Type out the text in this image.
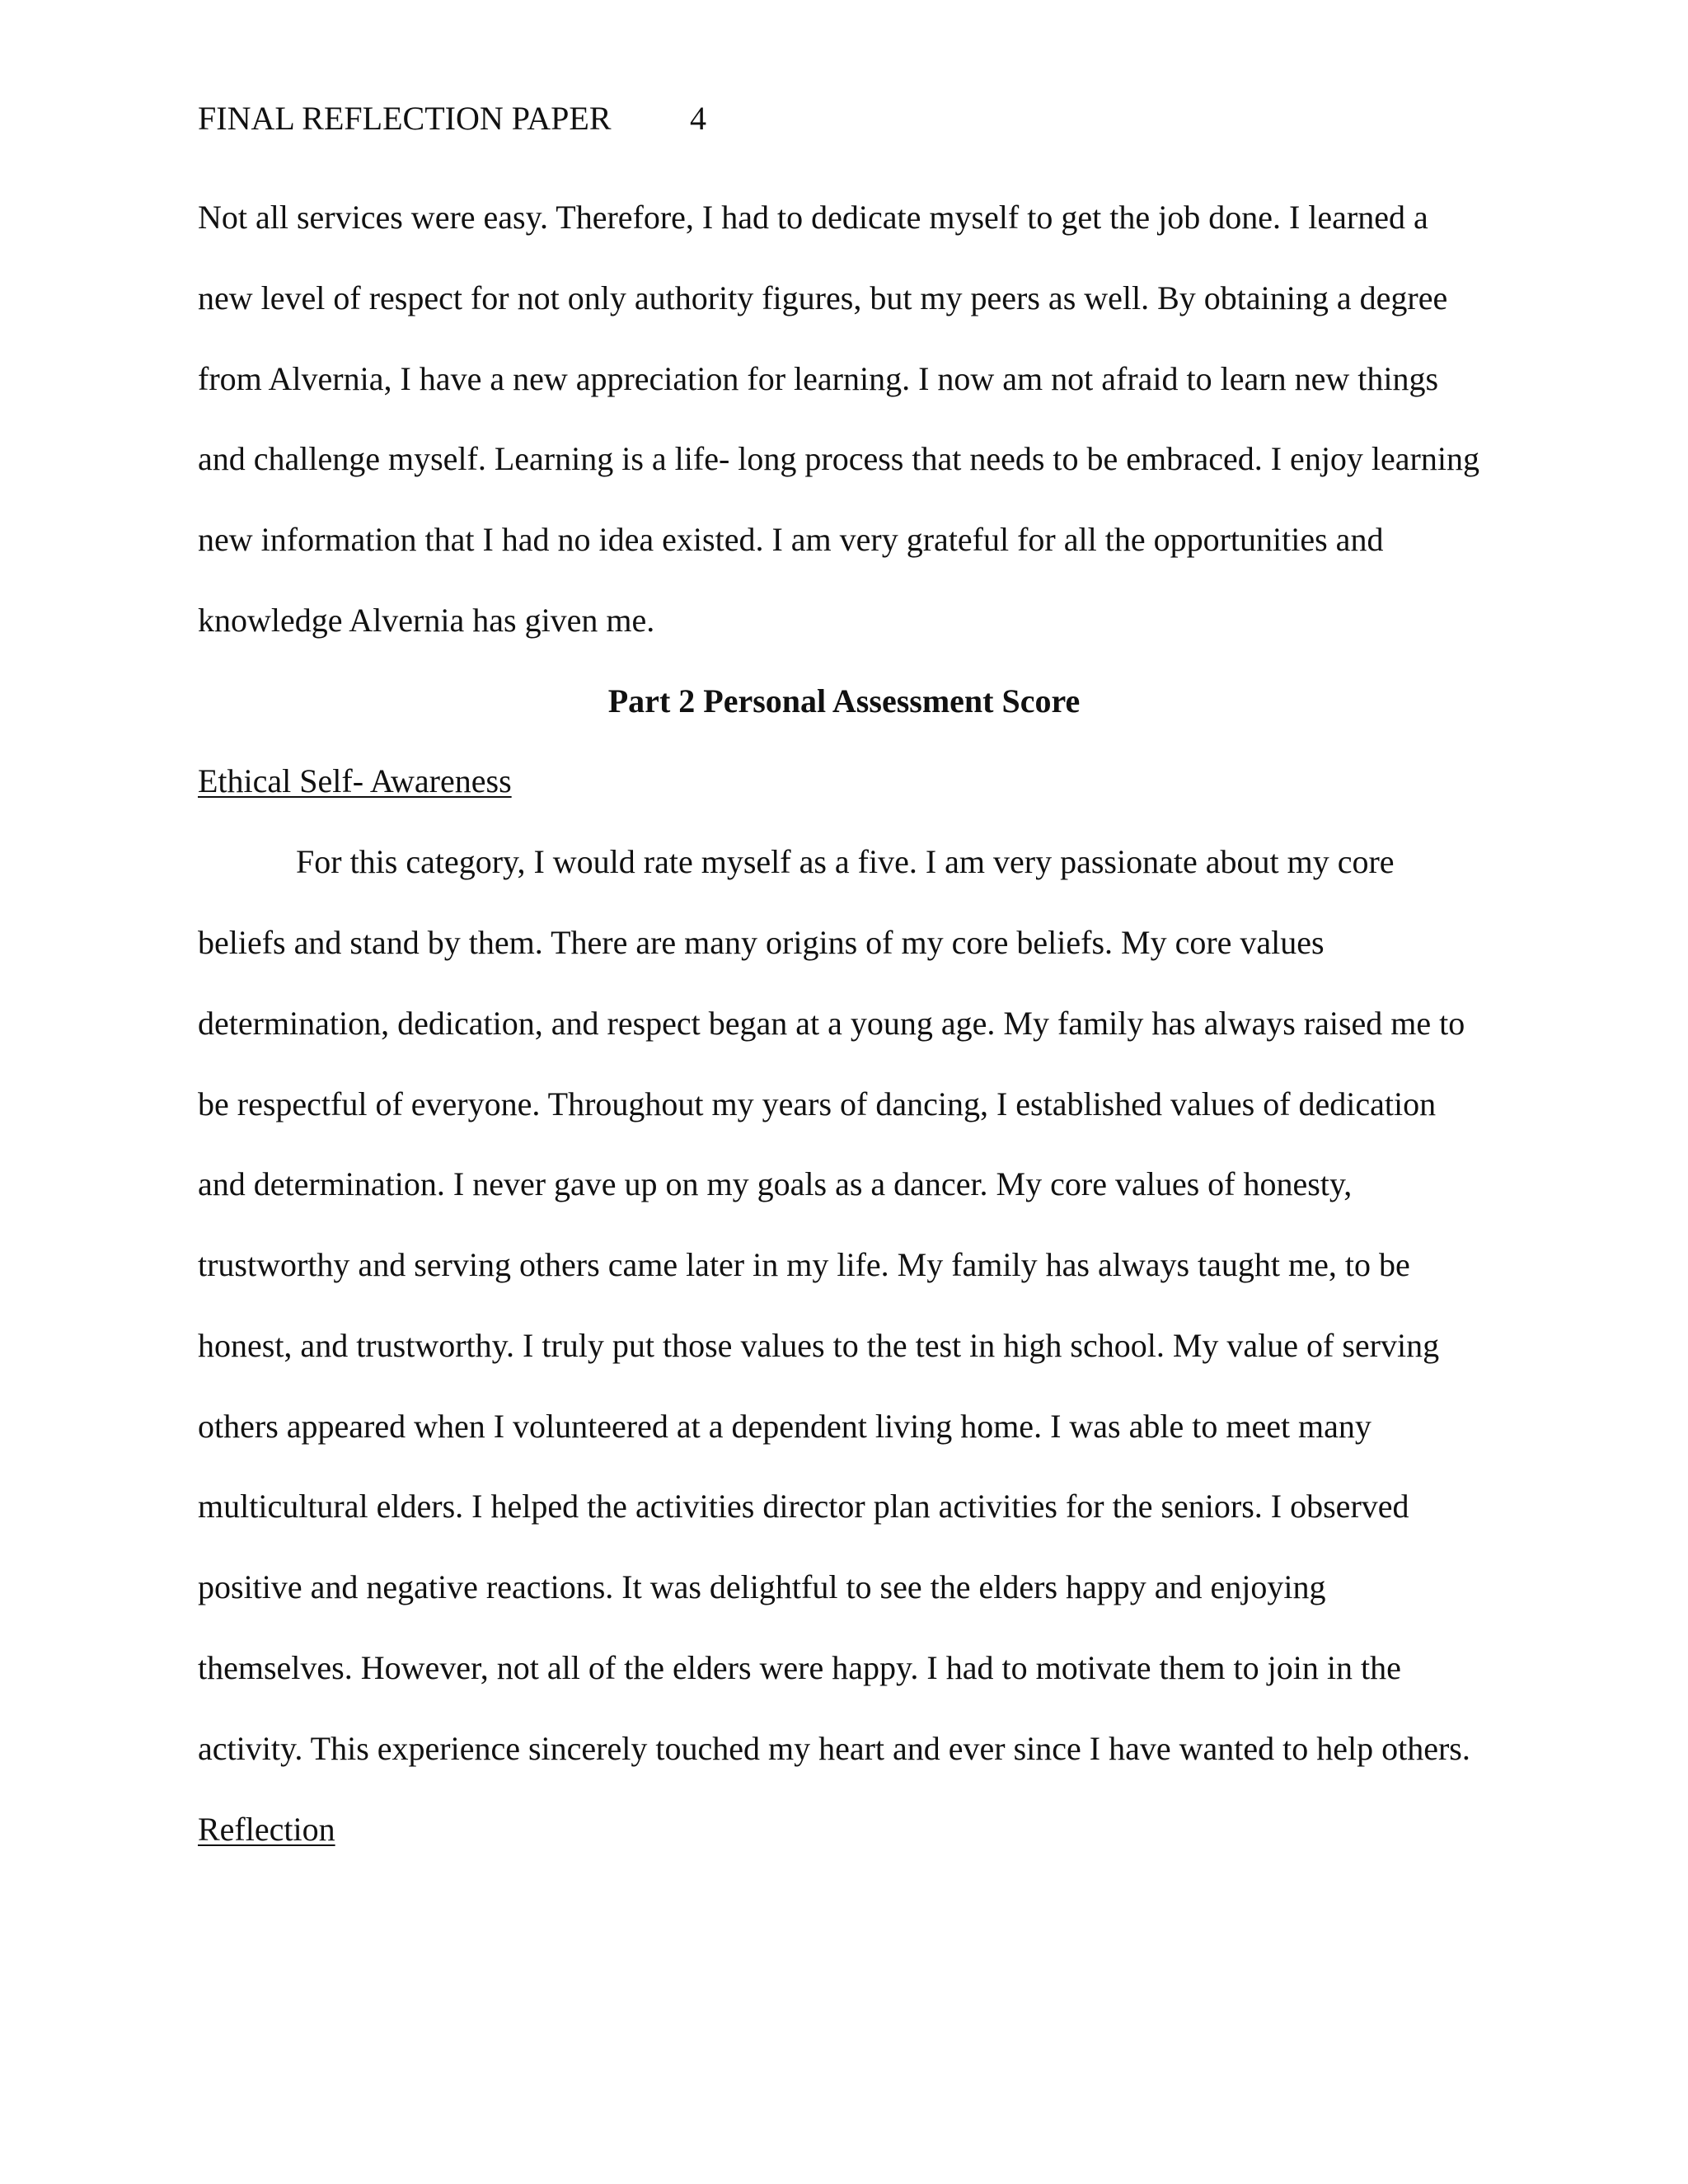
FINAL REFLECTION PAPER 4
Not all services were easy. Therefore, I had to dedicate myself to get the job done. I learned a
new level of respect for not only authority figures, but my peers as well. By obtaining a degree
from Alvernia, I have a new appreciation for learning. I now am not afraid to learn new things
and challenge myself. Learning is a life- long process that needs to be embraced. I enjoy learning
new information that I had no idea existed. I am very grateful for all the opportunities and
knowledge Alvernia has given me.
Part 2 Personal Assessment Score
Ethical Self- Awareness
For this category, I would rate myself as a five. I am very passionate about my core
beliefs and stand by them. There are many origins of my core beliefs. My core values
determination, dedication, and respect began at a young age. My family has always raised me to
be respectful of everyone. Throughout my years of dancing, I established values of dedication
and determination. I never gave up on my goals as a dancer. My core values of honesty,
trustworthy and serving others came later in my life. My family has always taught me, to be
honest, and trustworthy. I truly put those values to the test in high school. My value of serving
others appeared when I volunteered at a dependent living home. I was able to meet many
multicultural elders. I helped the activities director plan activities for the seniors. I observed
positive and negative reactions. It was delightful to see the elders happy and enjoying
themselves. However, not all of the elders were happy. I had to motivate them to join in the
activity. This experience sincerely touched my heart and ever since I have wanted to help others.
Reflection
